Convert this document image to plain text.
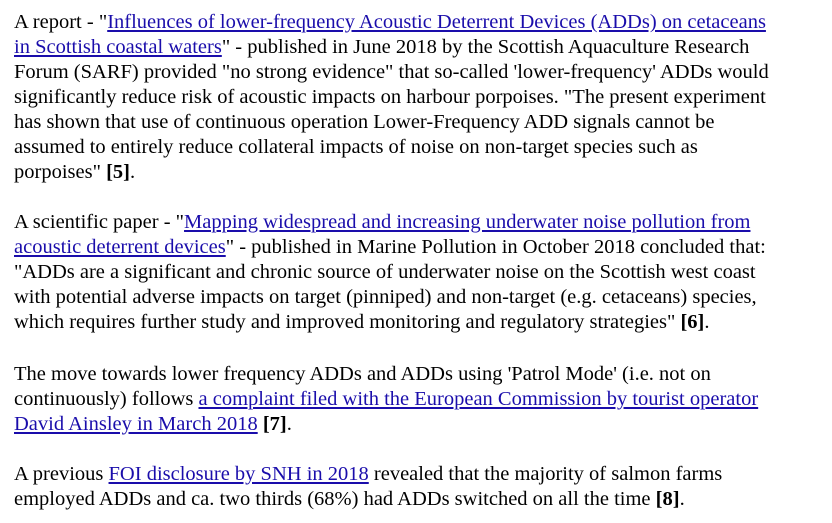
A report - "Influences of lower-frequency Acoustic Deterrent Devices (ADDs) on cetaceans
in Scottish coastal waters" - published in June 2018 by the Scottish Aquaculture Research
Forum (SARF) provided "no strong evidence" that so-called 'lower-frequency' ADDs would
significantly reduce risk of acoustic impacts on harbour porpoises. "The present experiment
has shown that use of continuous operation Lower-Frequency ADD signals cannot be
assumed to entirely reduce collateral impacts of noise on non-target species such as
porpoises" [5].

A scientific paper - "Mapping widespread and increasing underwater noise pollution from
acoustic deterrent devices" - published in Marine Pollution in October 2018 concluded that:
"ADDs are a significant and chronic source of underwater noise on the Scottish west coast
with potential adverse impacts on target (pinniped) and non-target (e.g. cetaceans) species,
which requires further study and improved monitoring and regulatory strategies" [6].

The move towards lower frequency ADDs and ADDs using 'Patrol Mode' (i.e. not on
continuously) follows a complaint filed with the European Commission by tourist operator
David Ainsley in March 2018 [7].

A previous FOI disclosure by SNH in 2018 revealed that the majority of salmon farms
employed ADDs and ca. two thirds (68%) had ADDs switched on all the time [8].
